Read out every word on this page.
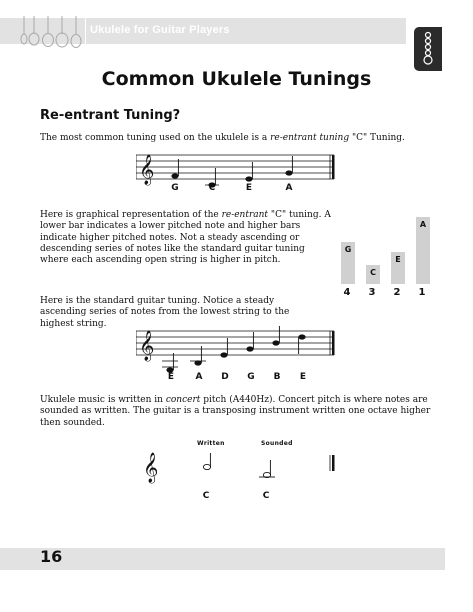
Ukulele for Guitar Players
Common Ukulele Tunings
Re-entrant Tuning?
The most common tuning used on the ukulele is a re-entrant tuning "C" Tuning.
𝄞
G	C	E	A
Here is graphical representation of the re-entrant "C" tuning. A lower bar indicates a lower pitched note and higher bars indicate higher pitched notes. Not a steady ascending or descending series of notes like the standard guitar tuning where each ascending open string is higher in pitch.
G
C
E
A
4	3	2	1
Here is the standard guitar tuning. Notice a steady ascending series of notes from the lowest string to the highest string.
𝄞
E	A	D	G	B	E
Ukulele music is written in concert pitch (A440Hz). Concert pitch is where notes are sounded as written. The guitar is a transposing instrument written one octave higher then sounded.
Written	Sounded
𝄞
C	C
16
